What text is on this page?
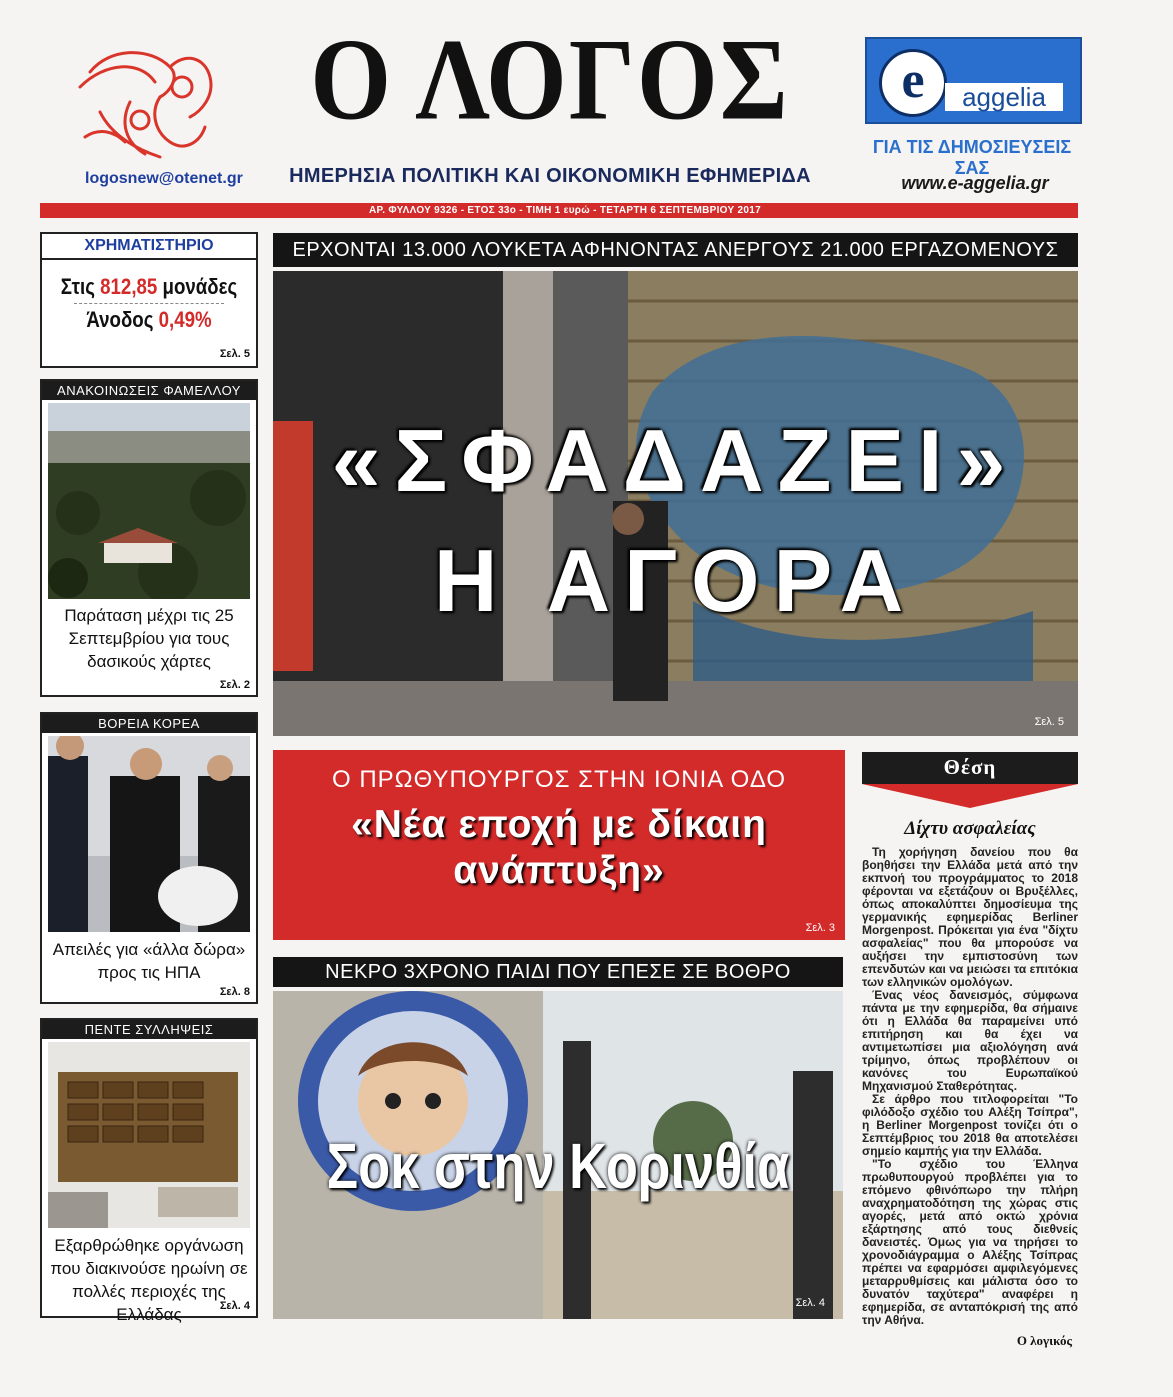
logosnew@otenet.gr
Ο ΛΟΓΟΣ
ΗΜΕΡΗΣΙΑ ΠΟΛΙΤΙΚΗ ΚΑΙ ΟΙΚΟΝΟΜΙΚΗ ΕΦΗΜΕΡΙΔΑ
e	aggelia
ΓΙΑ ΤΙΣ ΔΗΜΟΣΙΕΥΣΕΙΣ ΣΑΣ
www.e-aggelia.gr
ΑΡ. ΦΥΛΛΟΥ 9326 - ΕΤΟΣ 33ο - ΤΙΜΗ 1 ευρώ - ΤΕΤΑΡΤΗ 6 ΣΕΠΤΕΜΒΡΙΟΥ 2017
ΧΡΗΜΑΤΙΣΤΗΡΙΟ
Στις 812,85 μονάδες
Άνοδος 0,49%
Σελ. 5
ΑΝΑΚΟΙΝΩΣΕΙΣ ΦΑΜΕΛΛΟΥ
Παράταση μέχρι τις 25 Σεπτεμβρίου για τους δασικούς χάρτες
Σελ. 2
ΒΟΡΕΙΑ ΚΟΡΕΑ
Απειλές για «άλλα δώρα» προς τις ΗΠΑ
Σελ. 8
ΠΕΝΤΕ ΣΥΛΛΗΨΕΙΣ
Εξαρθρώθηκε οργάνωση που διακινούσε ηρωίνη σε πολλές περιοχές της Ελλάδας	Σελ. 4
ΕΡΧΟΝΤΑΙ 13.000 ΛΟΥΚΕΤΑ ΑΦΗΝΟΝΤΑΣ ΑΝΕΡΓΟΥΣ 21.000 ΕΡΓΑΖΟΜΕΝΟΥΣ
«ΣΦΑΔΑΖΕΙ»
Η ΑΓΟΡΑ
Σελ. 5
Ο ΠΡΩΘΥΠΟΥΡΓΟΣ ΣΤΗΝ ΙΟΝΙΑ ΟΔΟ
«Νέα εποχή με δίκαιη
ανάπτυξη»
Σελ. 3
ΝΕΚΡΟ 3ΧΡΟΝΟ ΠΑΙΔΙ ΠΟΥ ΕΠΕΣΕ ΣΕ ΒΟΘΡΟ
Σοκ στην Κορινθία
Σελ. 4
Θέση
Δίχτυ ασφαλείας
Τη χορήγηση δανείου που θα βοηθήσει την Ελλάδα μετά από την εκπνοή του προγράμματος το 2018 φέρονται να εξετάζουν οι Βρυξέλλες, όπως αποκαλύπτει δημοσίευμα της γερμανικής εφημερίδας Berliner Morgenpost. Πρόκειται για ένα "δίχτυ ασφαλείας" που θα μπορούσε να αυξήσει την εμπιστοσύνη των επενδυτών και να μειώσει τα επιτόκια των ελληνικών ομολόγων.
Ένας νέος δανεισμός, σύμφωνα πάντα με την εφημερίδα, θα σήμαινε ότι η Ελλάδα θα παραμείνει υπό επιτήρηση και θα έχει να αντιμετωπίσει μια αξιολόγηση ανά τρίμηνο, όπως προβλέπουν οι κανόνες του Ευρωπαϊκού Μηχανισμού Σταθερότητας.
Σε άρθρο που τιτλοφορείται "Το φιλόδοξο σχέδιο του Αλέξη Τσίπρα", η Berliner Morgenpost τονίζει ότι ο Σεπτέμβριος του 2018 θα αποτελέσει σημείο καμπής για την Ελλάδα.
"Το σχέδιο του Έλληνα πρωθυπουργού προβλέπει για το επόμενο φθινόπωρο την πλήρη αναχρηματοδότηση της χώρας στις αγορές, μετά από οκτώ χρόνια εξάρτησης από τους διεθνείς δανειστές. Όμως για να τηρήσει το χρονοδιάγραμμα ο Αλέξης Τσίπρας πρέπει να εφαρμόσει αμφιλεγόμενες μεταρρυθμίσεις και μάλιστα όσο το δυνατόν ταχύτερα" αναφέρει η εφημερίδα, σε ανταπόκρισή της από την Αθήνα.
Ο λογικός
